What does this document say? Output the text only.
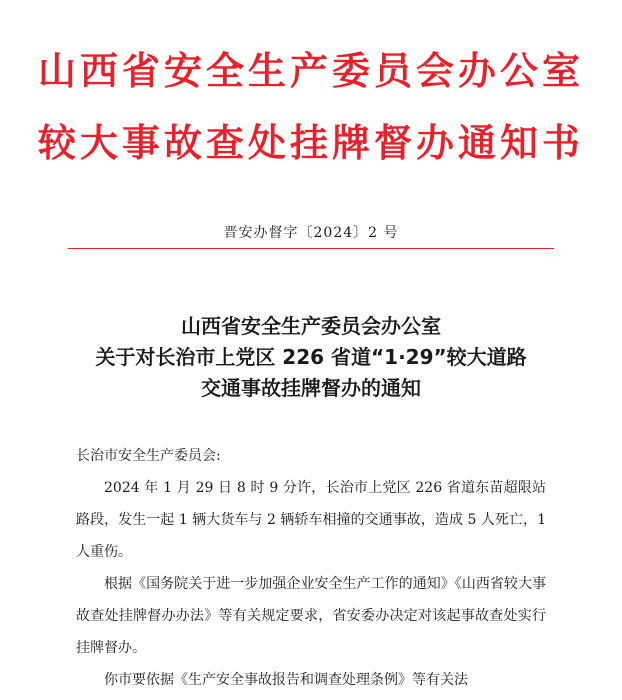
山西省安全生产委员会办公室
较大事故查处挂牌督办通知书
晋安办督字〔2024〕2 号
山西省安全生产委员会办公室
关于对长治市上党区 226 省道“1·29”较大道路
交通事故挂牌督办的通知

长治市安全生产委员会:

2024 年 1 月 29 日 8 时 9 分许，长治市上党区 226 省道东苗超限站路段，发生一起 1 辆大货车与 2 辆轿车相撞的交通事故，造成 5 人死亡，1 人重伤。

根据《国务院关于进一步加强企业安全生产工作的通知》《山西省较大事故查处挂牌督办办法》等有关规定要求，省安委办决定对该起事故查处实行挂牌督办。

你市要依据《生产安全事故报告和调查处理条例》等有关法
